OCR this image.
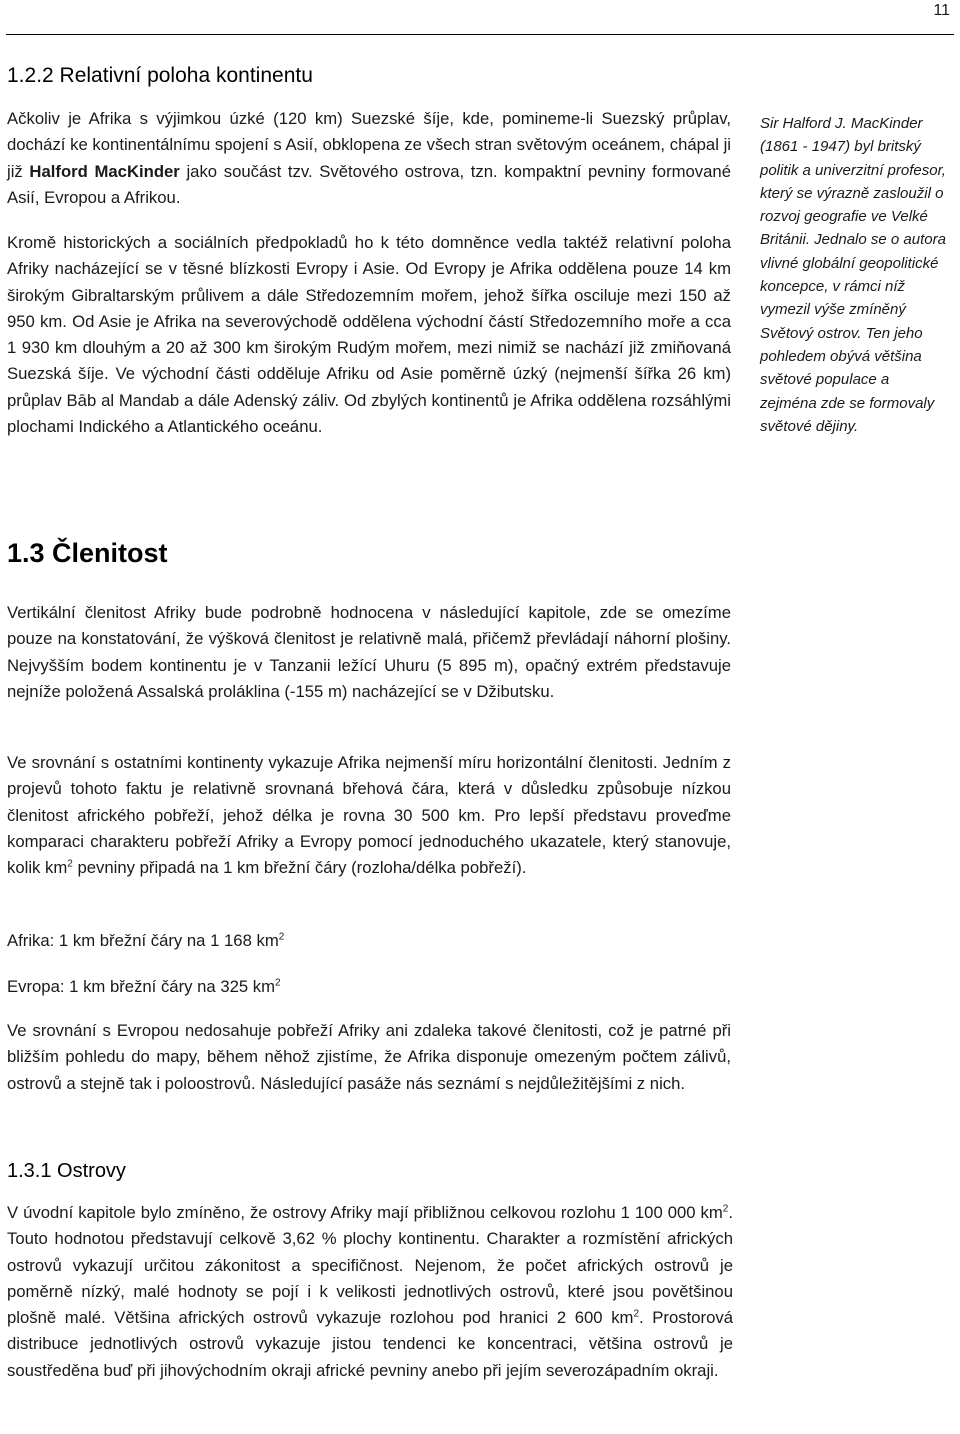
11
1.2.2 Relativní poloha kontinentu

Ačkoliv je Afrika s výjimkou úzké (120 km) Suezské šíje, kde, pomineme-li Suezský průplav, dochází ke kontinentálnímu spojení s Asií, obklopena ze všech stran světovým oceánem, chápal ji již Halford MacKinder jako součást tzv. Světového ostrova, tzn. kompaktní pevniny formované Asií, Evropou a Afrikou.

Kromě historických a sociálních předpokladů ho k této domněnce vedla taktéž relativní poloha Afriky nacházející se v těsné blízkosti Evropy i Asie. Od Evropy je Afrika oddělena pouze 14 km širokým Gibraltarským průlivem a dále Středozemním mořem, jehož šířka osciluje mezi 150 až 950 km. Od Asie je Afrika na severovýchodě oddělena východní částí Středozemního moře a cca 1 930 km dlouhým a 20 až 300 km širokým Rudým mořem, mezi nimiž se nachází již zmiňovaná Suezská šíje. Ve východní části odděluje Afriku od Asie poměrně úzký (nejmenší šířka 26 km) průplav Bāb al Mandab a dále Adenský záliv. Od zbylých kontinentů je Afrika oddělena rozsáhlými plochami Indického a Atlantického oceánu.

Sir Halford J. MacKinder (1861 - 1947) byl britský politik a univerzitní profesor, který se výrazně zasloužil o rozvoj geografie ve Velké Británii. Jednalo se o autora vlivné globální geopolitické koncepce, v rámci níž vymezil výše zmíněný Světový ostrov. Ten jeho pohledem obývá většina světové populace a zejména zde se formovaly světové dějiny.

1.3 Členitost

Vertikální členitost Afriky bude podrobně hodnocena v následující kapitole, zde se omezíme pouze na konstatování, že výšková členitost je relativně malá, přičemž převládají náhorní plošiny. Nejvyšším bodem kontinentu je v Tanzanii ležící Uhuru (5 895 m), opačný extrém představuje nejníže položená Assalská proláklina (-155 m) nacházející se v Džibutsku.

Ve srovnání s ostatními kontinenty vykazuje Afrika nejmenší míru horizontální členitosti. Jedním z projevů tohoto faktu je relativně srovnaná břehová čára, která v důsledku způsobuje nízkou členitost afrického pobřeží, jehož délka je rovna 30 500 km. Pro lepší představu proveďme komparaci charakteru pobřeží Afriky a Evropy pomocí jednoduchého ukazatele, který stanovuje, kolik $km^2$ pevniny připadá na 1 km břežní čáry (rozloha/délka pobřeží).

Afrika: 1 km břežní čáry na 1 168 $km^2$

Evropa: 1 km břežní čáry na 325 $km^2$

Ve srovnání s Evropou nedosahuje pobřeží Afriky ani zdaleka takové členitosti, což je patrné při bližším pohledu do mapy, během něhož zjistíme, že Afrika disponuje omezeným počtem zálivů, ostrovů a stejně tak i poloostrovů. Následující pasáže nás seznámí s nejdůležitějšími z nich.

1.3.1 Ostrovy

V úvodní kapitole bylo zmíněno, že ostrovy Afriky mají přibližnou celkovou rozlohu 1 100 000 $km^2$. Touto hodnotou představují celkově 3,62 % plochy kontinentu. Charakter a rozmístění afrických ostrovů vykazují určitou zákonitost a specifičnost. Nejenom, že počet afrických ostrovů je poměrně nízký, malé hodnoty se pojí i k velikosti jednotlivých ostrovů, které jsou povětšinou plošně malé. Většina afrických ostrovů vykazuje rozlohou pod hranici 2 600 $km^2$. Prostorová distribuce jednotlivých ostrovů vykazuje jistou tendenci ke koncentraci, většina ostrovů je soustředěna buď při jihovýchodním okraji africké pevniny anebo při jejím severozápadním okraji.
